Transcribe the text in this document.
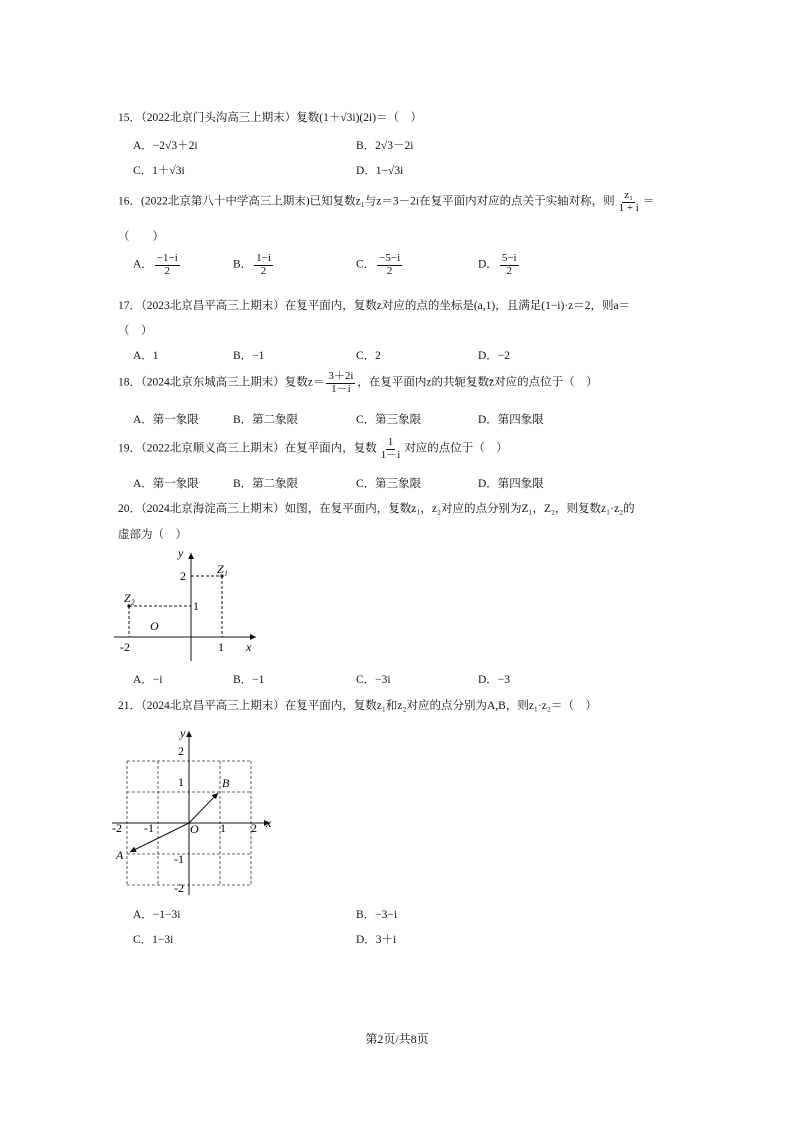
15．（2022北京门头沟高三上期末）复数(1＋√3i)(2i)＝（　）
A．−2√3＋2i	B．2√3－2i
C．1＋√3i	D．1−√3i
16．(2022北京第八十中学高三上期末)已知复数z₁与z＝3－2i在复平面内对应的点关于实轴对称，则 $\frac{\text{z₁}}{1 + i}$ ＝
（　　）
A． $\frac{-1-i}{2}$	B． $\frac{1-i}{2}$	C． $\frac{-5-i}{2}$	D． $\frac{5-i}{2}$
17．（2023北京昌平高三上期末）在复平面内，复数z对应的点的坐标是(a,1)，且满足(1−i)·z＝2，则a＝
（　）
A．1	B．−1	C．2	D．−2
18．（2024北京东城高三上期末）复数$z= \frac{3+2i}{1-i}$ ，在复平面内z的共轭复数z̄对应的点位于（　）
A．第一象限	B．第二象限	C．第三象限	D．第四象限
19．（2022北京顺义高三上期末）在复平面内，复数 $\frac{1}{1-i}$ 对应的点位于（　）
A．第一象限	B．第二象限	C．第三象限	D．第四象限
20．（2024北京海淀高三上期末）如图，在复平面内，复数z₁，z₂对应的点分别为Z₁，Z₂，则复数z₁·z₂的
虚部为（　）
y
x
O
Z₁
Z₂
2
1
-2	1
A．−i	B．−1	C．−3i	D．−3
21．（2024北京昌平高三上期末）在复平面内，复数z₁和z₂对应的点分别为A,B，则z₁·z₂＝（　）
y
x
O
B
A
2
1
-1
-2
-2 -1	1 2
A．−1−3i	B．−3−i
C．1−3i	D．3＋i
第2页/共8页
